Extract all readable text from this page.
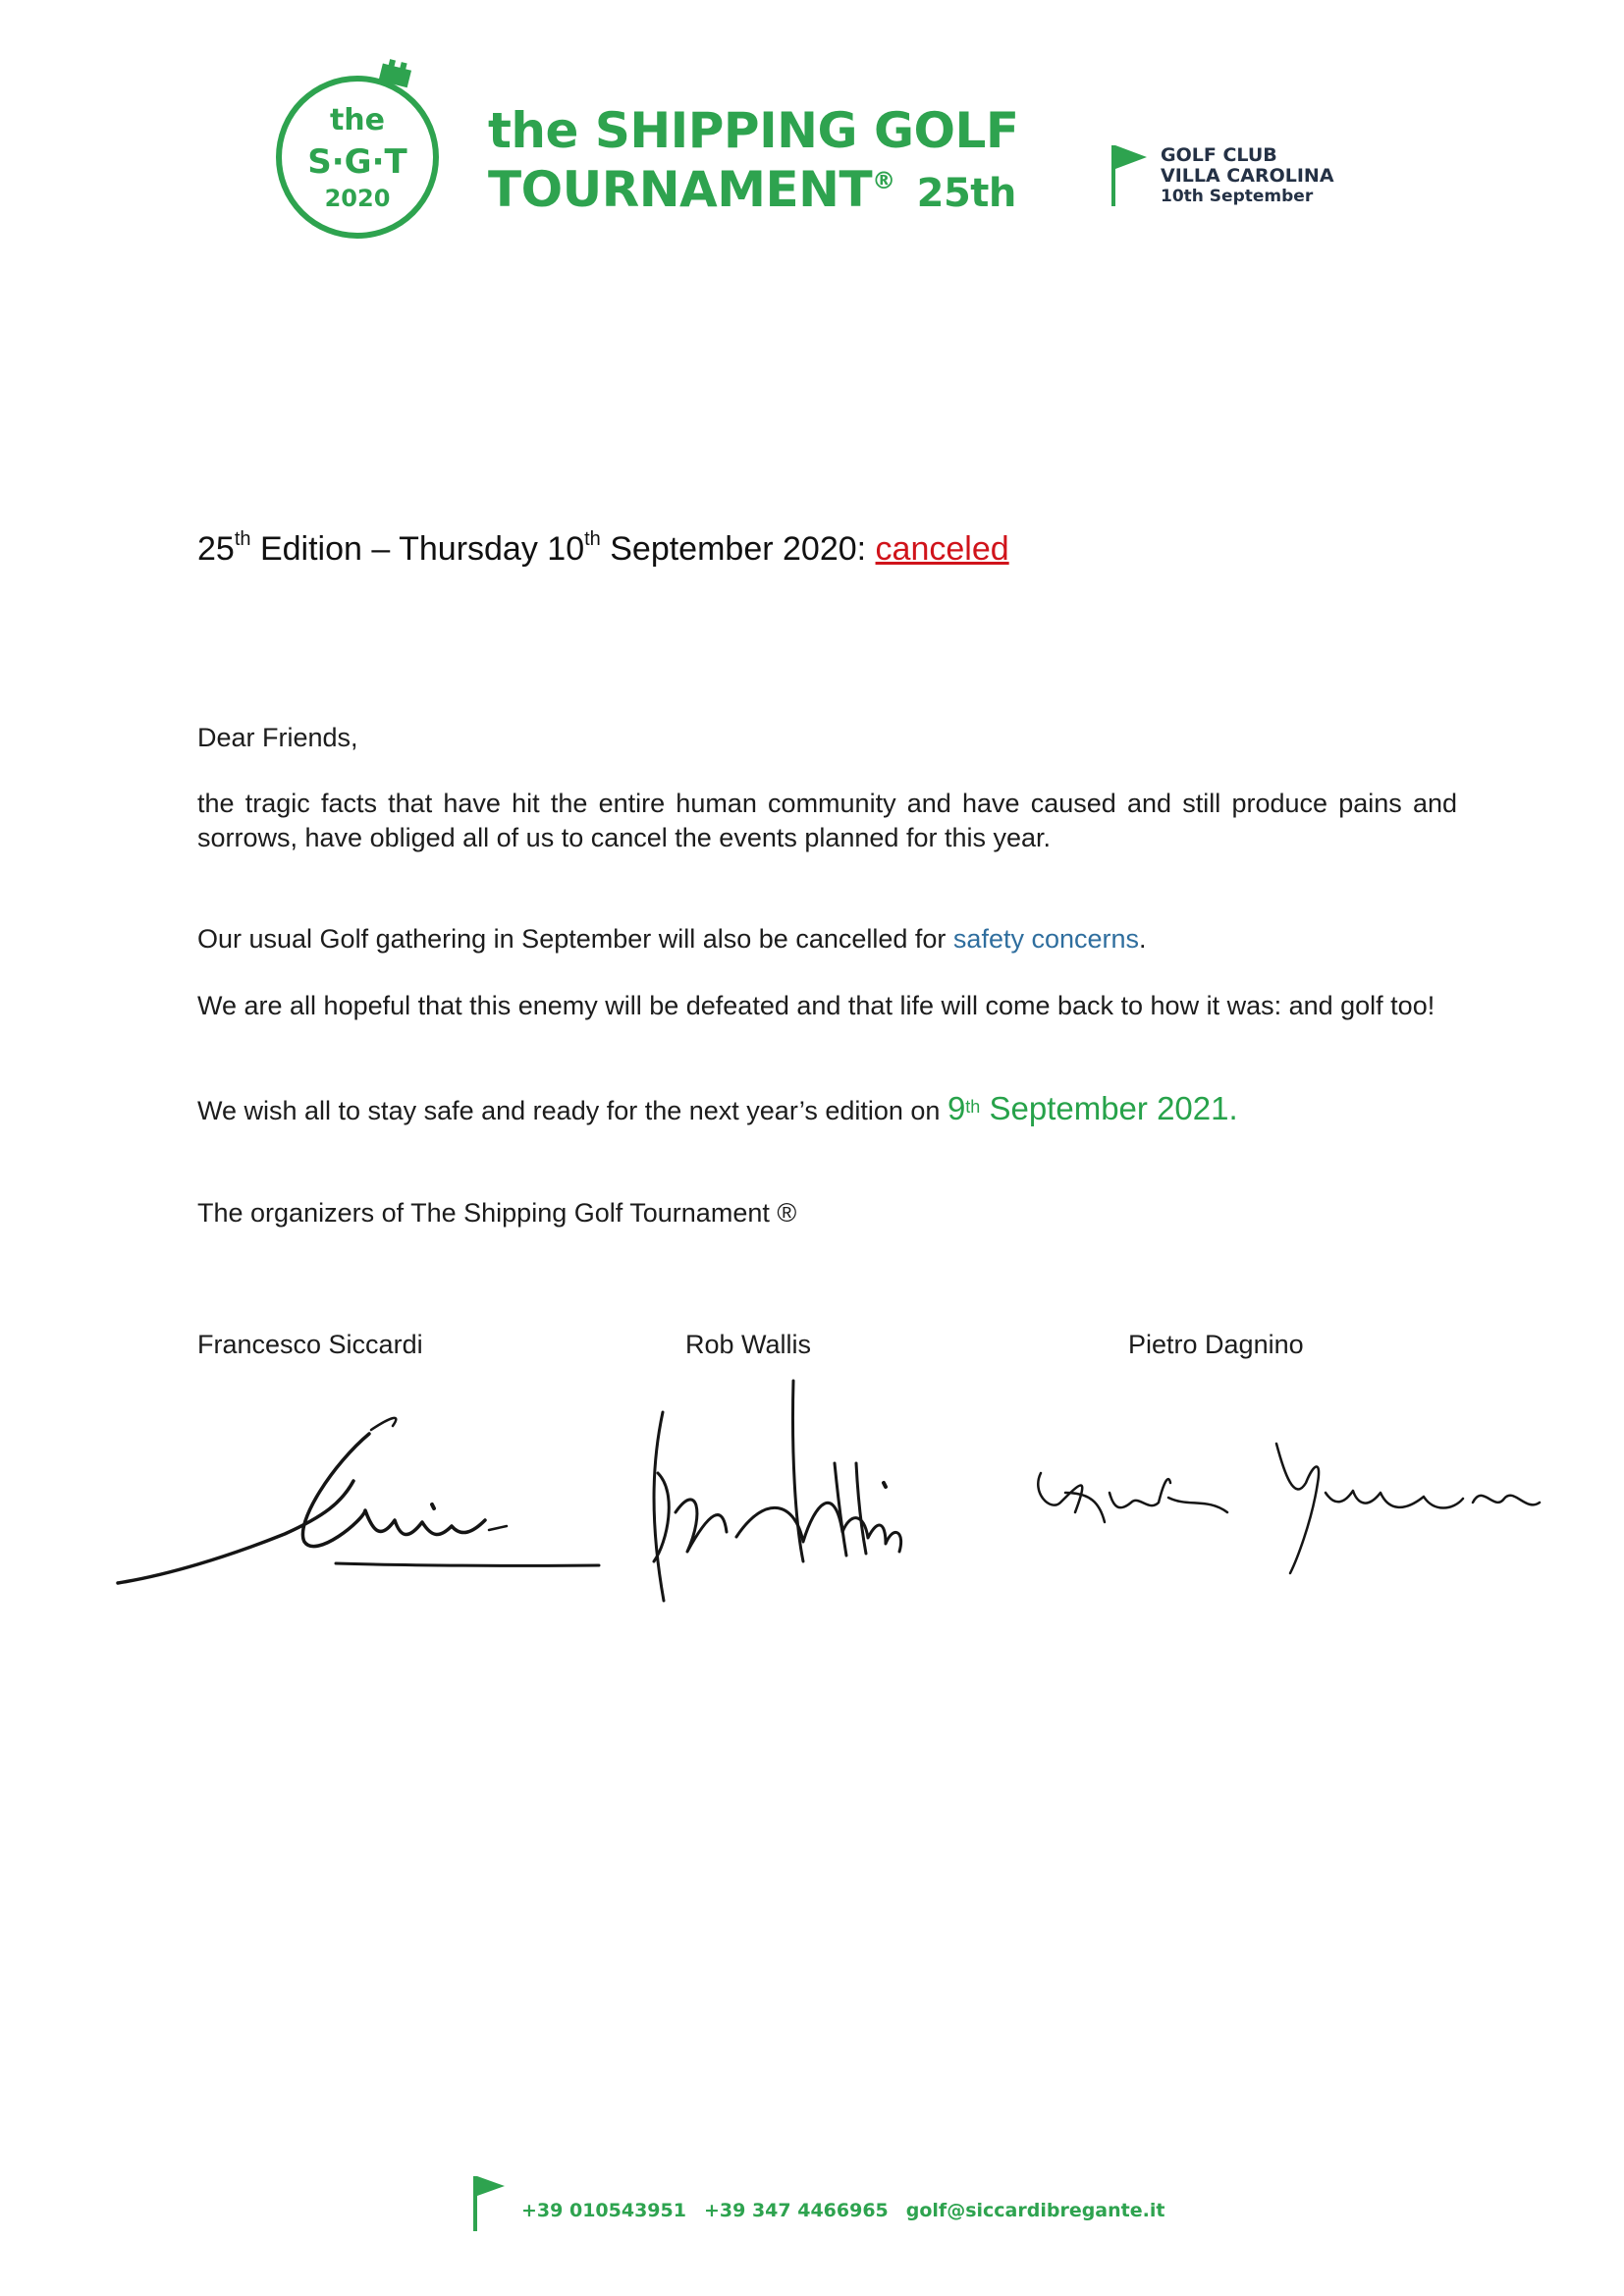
the
S·G·T
2020
the SHIPPING GOLF
TOURNAMENT® 25th
GOLF CLUB
VILLA CAROLINA
10th September
25th Edition – Thursday 10th September 2020: canceled
Dear Friends,
the tragic facts that have hit the entire human community and have caused and still produce pains and sorrows, have obliged all of us to cancel the events planned for this year.
Our usual Golf gathering in September will also be cancelled for safety concerns.
We are all hopeful that this enemy will be defeated and that life will come back to how it was: and golf too!
We wish all to stay safe and ready for the next year’s edition on 9th September 2021.
The organizers of The Shipping Golf Tournament ®
Francesco Siccardi	Rob Wallis	Pietro Dagnino
+39 010543951 +39 347 4466965 golf@siccardibregante.it
